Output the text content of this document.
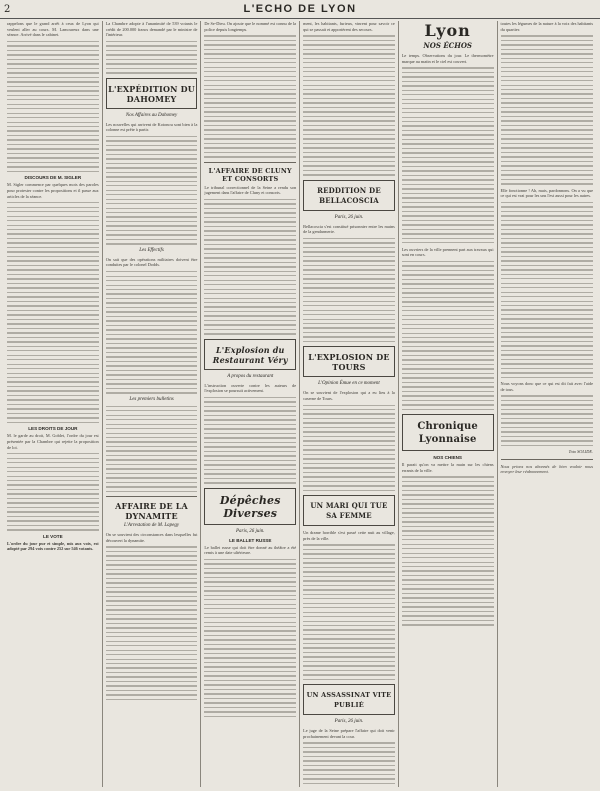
2	L'ECHO DE LYON

rappelons que le grand arrêt à ceux de Lyon qui veulent aller au cours. M. Lamoureux dans une séance. Arrivé dans le cabinet.

DISCOURS DE M. SIGLER

M. Sigler commence par quelques mots des paroles pour protester contre les propositions et il passe aux articles de la séance.

LES DROITS DE JOUR

M. le garde au droit, M. Goblet, l'ordre du jour est présentée par la Chambre qui rejette la proposition de loi.

LE VOTE

L'ordre du jour pur et simple, mis aux voix, est adopté par 294 voix contre 252 sur 546 votants.

La Chambre adopte à l'unanimité de 539 votants le crédit de 200.000 francs demandé par le ministre de l'intérieur.

L'EXPÉDITION DU DAHOMEY
Nos Affaires au Dahomey

Les nouvelles qui arrivent de Kotonou sont bien à la colonne est prête à partir.

Les Effectifs

On sait que des opérations militaires doivent être conduites par le colonel Dodds.

Les premiers bulletins
AFFAIRE DE LA DYNAMITE
L'Arrestation de M. Lapegy

On se souvient des circonstances dans lesquelles fut découvert la dynamite.

De Se-Dieu. On ajoute que le nommé est connu de la police depuis longtemps.

L'AFFAIRE DE CLUNY ET CONSORTS

Le tribunal correctionnel de la Seine a rendu son jugement dans l'affaire de Cluny et consorts.

L'Explosion du Restaurant Véry
A propos du restaurant

L'instruction ouverte contre les auteurs de l'explosion se poursuit activement.

Dépêches Diverses
Paris, 26 juin.
LE BALLET RUSSE

Le ballet russe qui doit être donné au théâtre a été remis à une date ultérieure.

ment, les habitants, furieux, vinrent pour savoir ce qui se passait et apportèrent des secours.

REDDITION DE BELLACOSCIA
Paris, 26 juin.

Bellacoscia s'est constitué prisonnier entre les mains de la gendarmerie.

L'EXPLOSION DE TOURS
L'Opinion Émue en ce moment

On se souvient de l'explosion qui a eu lieu à la caserne de Tours.

UN MARI QUI TUE SA FEMME

Un drame horrible s'est passé cette nuit au village, près de la ville.

UN ASSASSINAT VITE PUBLIÉ
Paris, 26 juin.

Le juge de la Seine prépare l'affaire qui doit venir prochainement devant la cour.

Lyon
NOS ÉCHOS

Le temps. Observations du jour. Le thermomètre marque au matin et le ciel est couvert.

Les ouvriers de la ville prennent part aux travaux qui sont en cours.

Chronique Lyonnaise
NOS CHIENS

Il parait qu'on va mettre la main sur les chiens errants de la ville.

toutes les légumes de la nature à la voix des habitants du quartier.

Elle fonctionne ! Ah, mais, pardonnons. On a vu que ce qui est vrai pour les uns l'est aussi pour les autres.

Nous voyons donc que ce qui est dit fait avec l'aide de tous.

Toto SOLIDE.

Nous prions nos abonnés de bien vouloir nous envoyer leur réabonnement.
